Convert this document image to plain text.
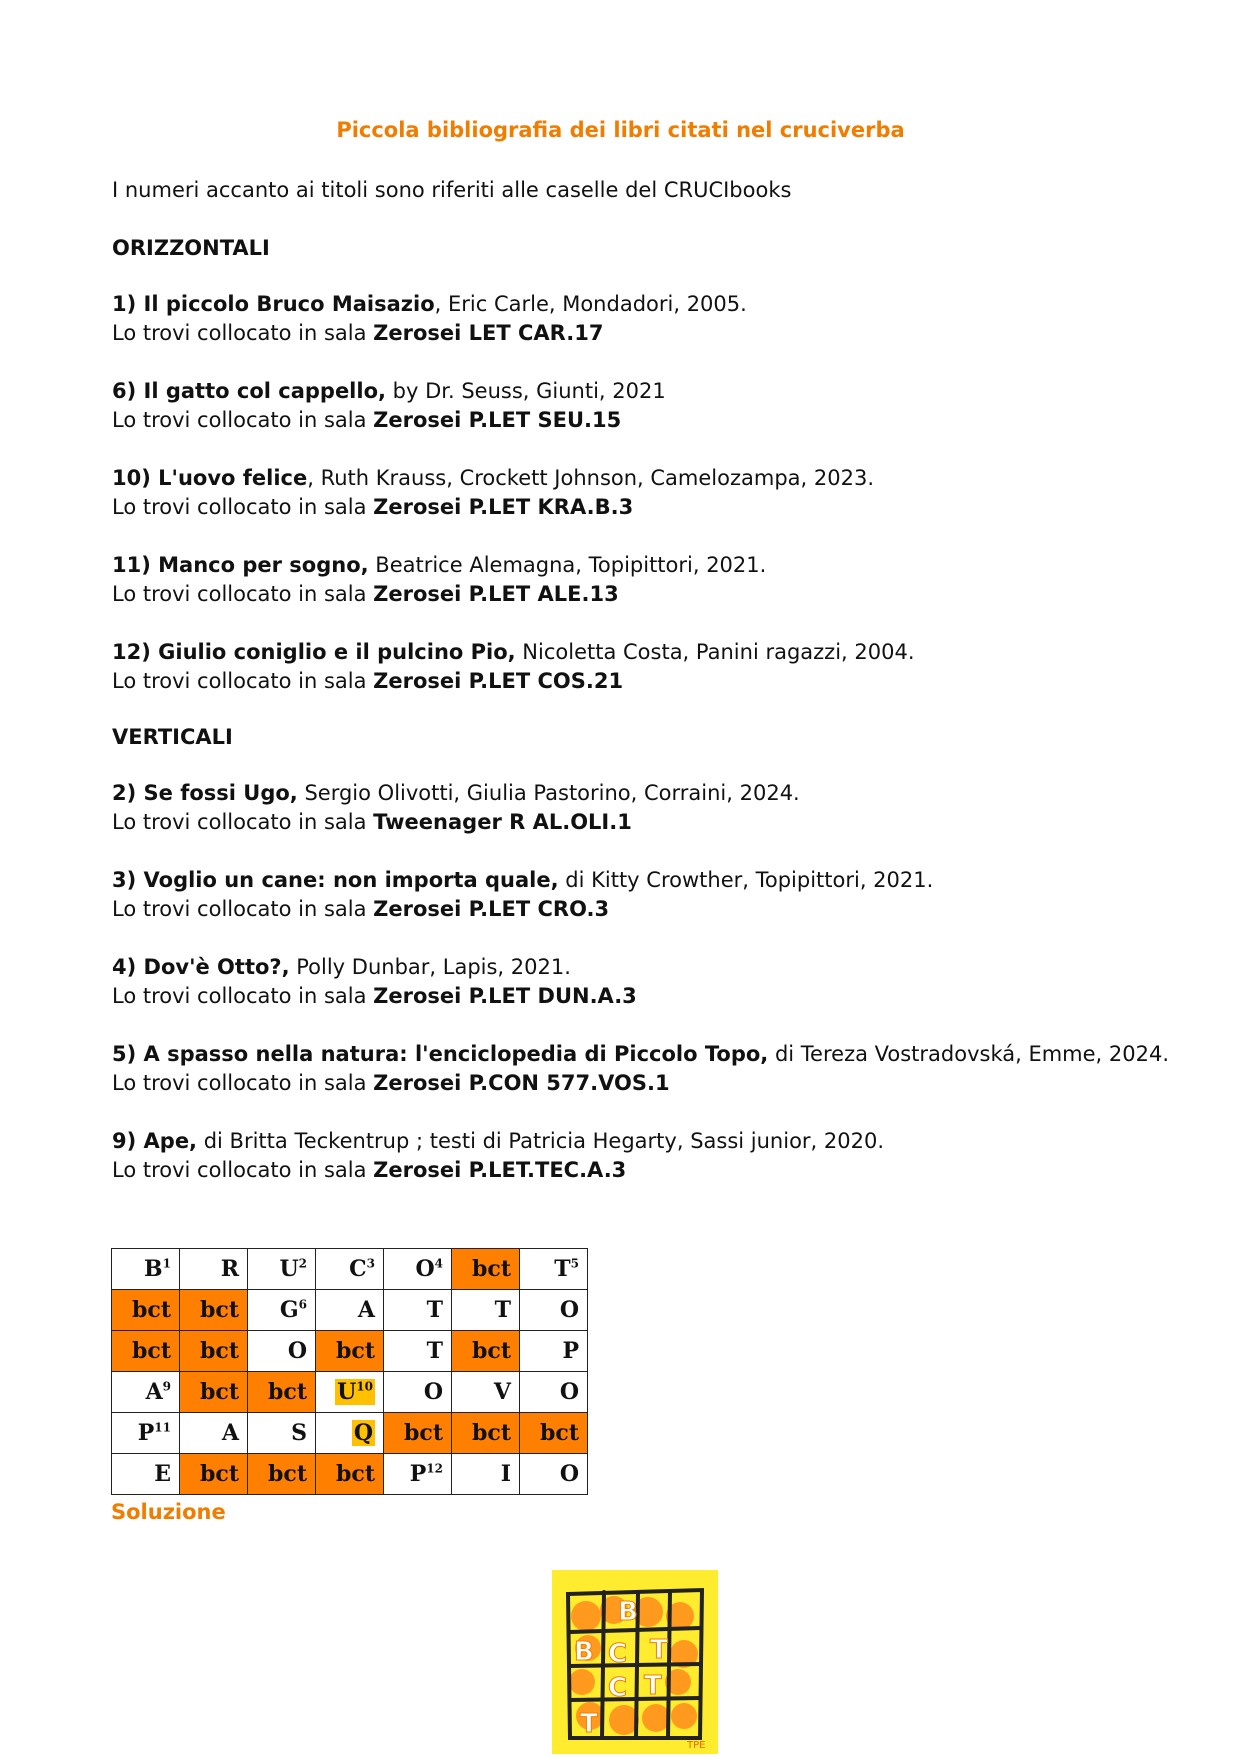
Piccola bibliografia dei libri citati nel cruciverba
I numeri accanto ai titoli sono riferiti alle caselle del CRUCIbooks
ORIZZONTALI
1) Il piccolo Bruco Maisazio, Eric Carle, Mondadori, 2005.
Lo trovi collocato in sala Zerosei LET CAR.17
6) Il gatto col cappello, by Dr. Seuss, Giunti, 2021
Lo trovi collocato in sala Zerosei P.LET SEU.15
10) L'uovo felice, Ruth Krauss, Crockett Johnson, Camelozampa, 2023.
Lo trovi collocato in sala Zerosei P.LET KRA.B.3
11) Manco per sogno, Beatrice Alemagna, Topipittori, 2021.
Lo trovi collocato in sala Zerosei P.LET ALE.13
12) Giulio coniglio e il pulcino Pio, Nicoletta Costa, Panini ragazzi, 2004.
Lo trovi collocato in sala Zerosei P.LET COS.21
VERTICALI
2) Se fossi Ugo, Sergio Olivotti, Giulia Pastorino, Corraini, 2024.
Lo trovi collocato in sala Tweenager R AL.OLI.1
3) Voglio un cane: non importa quale, di Kitty Crowther, Topipittori, 2021.
Lo trovi collocato in sala Zerosei P.LET CRO.3
4) Dov'è Otto?, Polly Dunbar, Lapis, 2021.
Lo trovi collocato in sala Zerosei P.LET DUN.A.3
5) A spasso nella natura: l'enciclopedia di Piccolo Topo, di Tereza Vostradovská, Emme, 2024.
Lo trovi collocato in sala Zerosei P.CON 577.VOS.1
9) Ape, di Britta Teckentrup ; testi di Patricia Hegarty, Sassi junior, 2020.
Lo trovi collocato in sala Zerosei P.LET.TEC.A.3
$B^1$	R	$U^2$	$C^3$	$O^4$	bct	$T^5$
bct	bct	$G^6$	A	T	T	O
bct	bct	O	bct	T	bct	P
$A^9$	bct	bct	$U^{10}$	O	V	O
$P^{11}$	A	S	Q	bct	bct	bct
E	bct	bct	bct	$P^{12}$	I	O
Soluzione
B
B C T
C T
T
TPE
